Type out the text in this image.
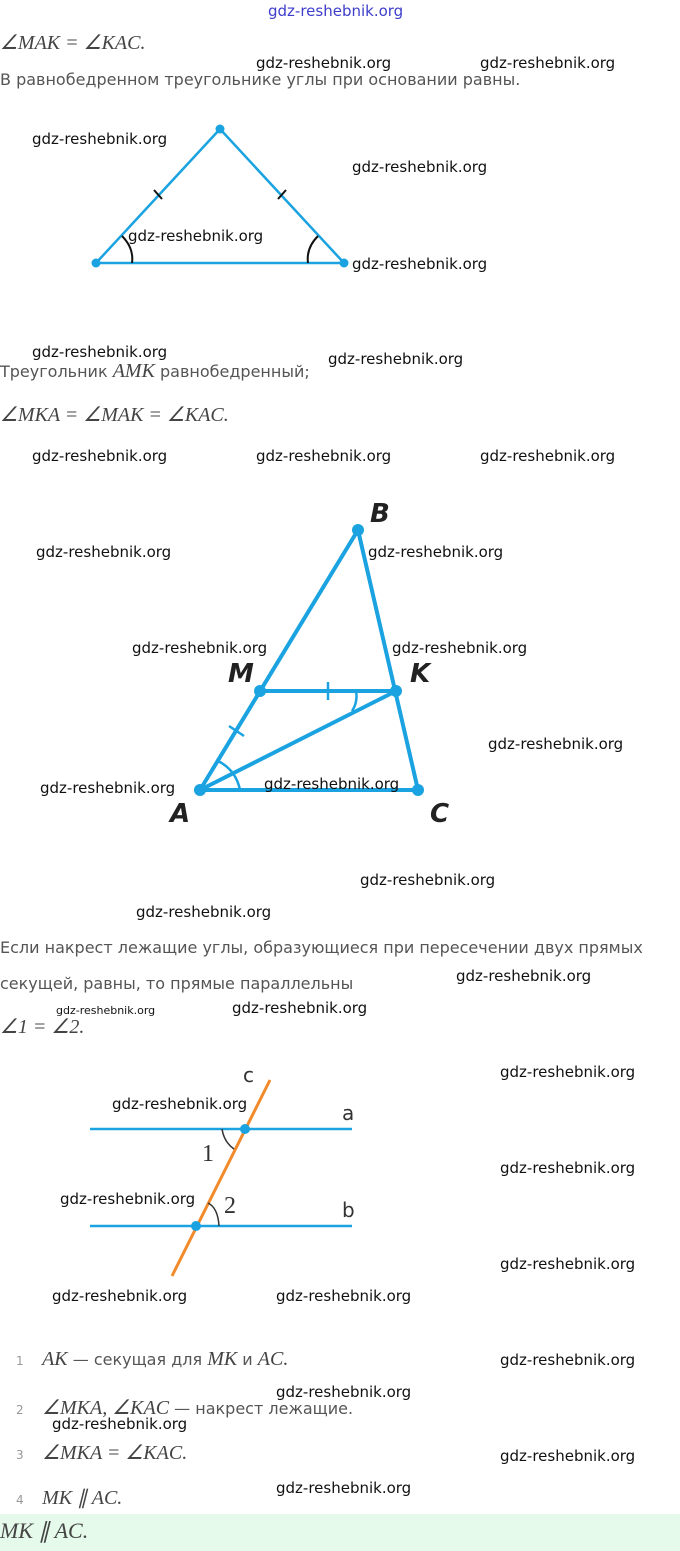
gdz-reshebnik.org
∠MAK = ∠KAC.
gdz-reshebnik.org	gdz-reshebnik.org
В равнобедренном треугольнике углы при основании равны.
gdz-reshebnik.org
gdz-reshebnik.org
gdz-reshebnik.org
gdz-reshebnik.org
gdz-reshebnik.org
Треугольник AMK равнобедренный;
gdz-reshebnik.org
∠MKA = ∠MAK = ∠KAC.
gdz-reshebnik.org	gdz-reshebnik.org	gdz-reshebnik.org
B
M	K
A	C
gdz-reshebnik.org	gdz-reshebnik.org
gdz-reshebnik.org	gdz-reshebnik.org
gdz-reshebnik.org
gdz-reshebnik.org	gdz-reshebnik.org
gdz-reshebnik.org
gdz-reshebnik.org
Если накрест лежащие углы, образующиеся при пересечении двух прямых
секущей, равны, то прямые параллельны	gdz-reshebnik.org
gdz-reshebnik.org	gdz-reshebnik.org
∠1 = ∠2.
c
a
b
1
2
gdz-reshebnik.org
gdz-reshebnik.org
gdz-reshebnik.org
gdz-reshebnik.org
gdz-reshebnik.org
gdz-reshebnik.org	gdz-reshebnik.org
1 AK — секущая для MK и AC.	gdz-reshebnik.org
gdz-reshebnik.org
2 ∠MKA, ∠KAC — накрест лежащие.
gdz-reshebnik.org
3 ∠MKA = ∠KAC.	gdz-reshebnik.org
4 MK ∥ AC.	gdz-reshebnik.org
MK ∥ AC.
